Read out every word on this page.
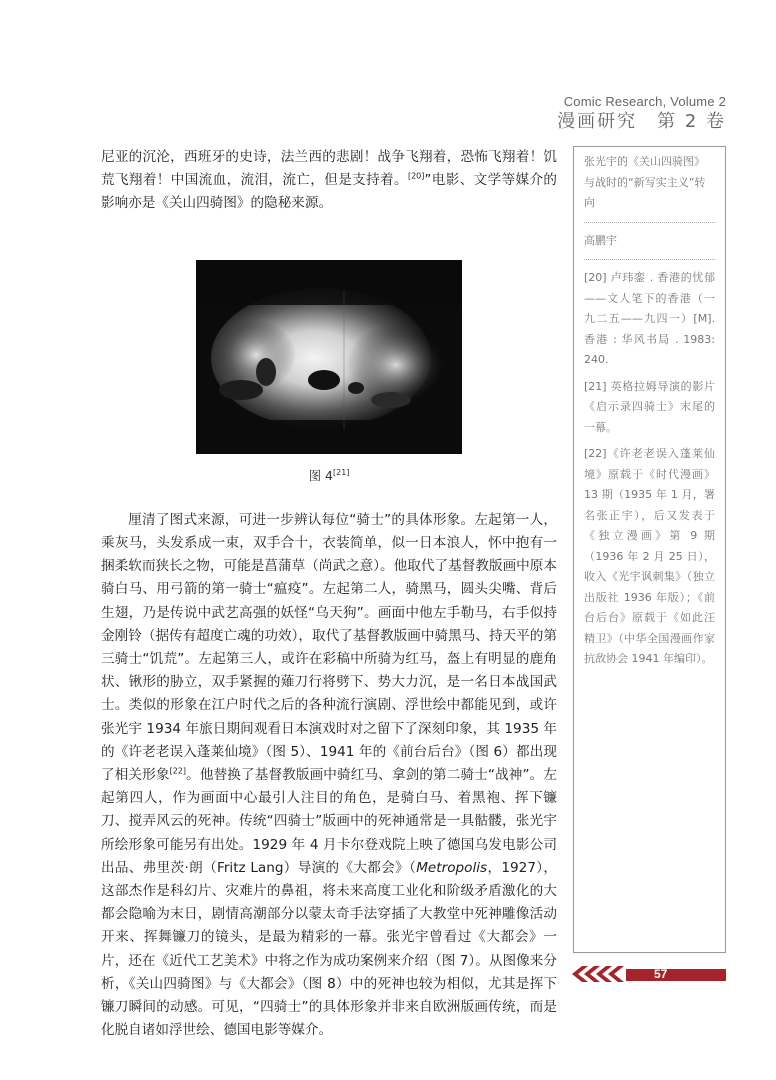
Comic Research, Volume 2
漫画研究　第 2 卷

尼亚的沉沦，西班牙的史诗，法兰西的悲剧！战争飞翔着，恐怖飞翔着！饥荒飞翔着！中国流血，流泪，流亡，但是支持着。[20]”电影、文学等媒介的影响亦是《关山四骑图》的隐秘来源。

图 4[21]

厘清了图式来源，可进一步辨认每位“骑士”的具体形象。左起第一人，乘灰马，头发系成一束，双手合十，衣装简单，似一日本浪人，怀中抱有一捆柔软而狭长之物，可能是菖蒲草（尚武之意）。他取代了基督教版画中原本骑白马、用弓箭的第一骑士“瘟疫”。左起第二人，骑黑马，圆头尖嘴、背后生翅，乃是传说中武艺高强的妖怪“乌天狗”。画面中他左手勒马，右手似持金刚铃（据传有超度亡魂的功效），取代了基督教版画中骑黑马、持天平的第三骑士“饥荒”。左起第三人，或许在彩稿中所骑为红马，盔上有明显的鹿角状、锹形的胁立，双手紧握的薙刀行将劈下、势大力沉，是一名日本战国武士。类似的形象在江户时代之后的各种流行演剧、浮世绘中都能见到，或许张光宇 1934 年旅日期间观看日本演戏时对之留下了深刻印象，其 1935 年的《许老老误入蓬莱仙境》（图 5）、1941 年的《前台后台》（图 6）都出现了相关形象[22]。他替换了基督教版画中骑红马、拿剑的第二骑士“战神”。左起第四人，作为画面中心最引人注目的角色，是骑白马、着黑袍、挥下镰刀、搅弄风云的死神。传统“四骑士”版画中的死神通常是一具骷髅，张光宇所绘形象可能另有出处。1929 年 4 月卡尔登戏院上映了德国乌发电影公司出品、弗里茨·朗（Fritz Lang）导演的《大都会》（Metropolis，1927），这部杰作是科幻片、灾难片的鼻祖，将未来高度工业化和阶级矛盾激化的大都会隐喻为末日，剧情高潮部分以蒙太奇手法穿插了大教堂中死神雕像活动开来、挥舞镰刀的镜头，是最为精彩的一幕。张光宇曾看过《大都会》一片，还在《近代工艺美术》中将之作为成功案例来介绍（图 7）。从图像来分析，《关山四骑图》与《大都会》（图 8）中的死神也较为相似，尤其是挥下镰刀瞬间的动感。可见，“四骑士”的具体形象并非来自欧洲版画传统，而是化脱自诸如浮世绘、德国电影等媒介。

张光宇的《关山四骑图》与战时的“新写实主义”转向

高鹏宇

[20] 卢玮銮 . 香港的忧郁——文人笔下的香港（一九二五——九四一）[M]. 香港 : 华风书局 . 1983: 240.

[21] 英格拉姆导演的影片《启示录四骑士》末尾的一幕。

[22]《许老老误入蓬莱仙境》原载于《时代漫画》13 期（1935 年 1 月，署名张正宇），后又发表于《独立漫画》第 9 期（1936 年 2 月 25 日），收入《光宇讽刺集》（独立出版社 1936 年版）；《前台后台》原载于《如此汪精卫》（中华全国漫画作家抗敌协会 1941 年编印）。

57
